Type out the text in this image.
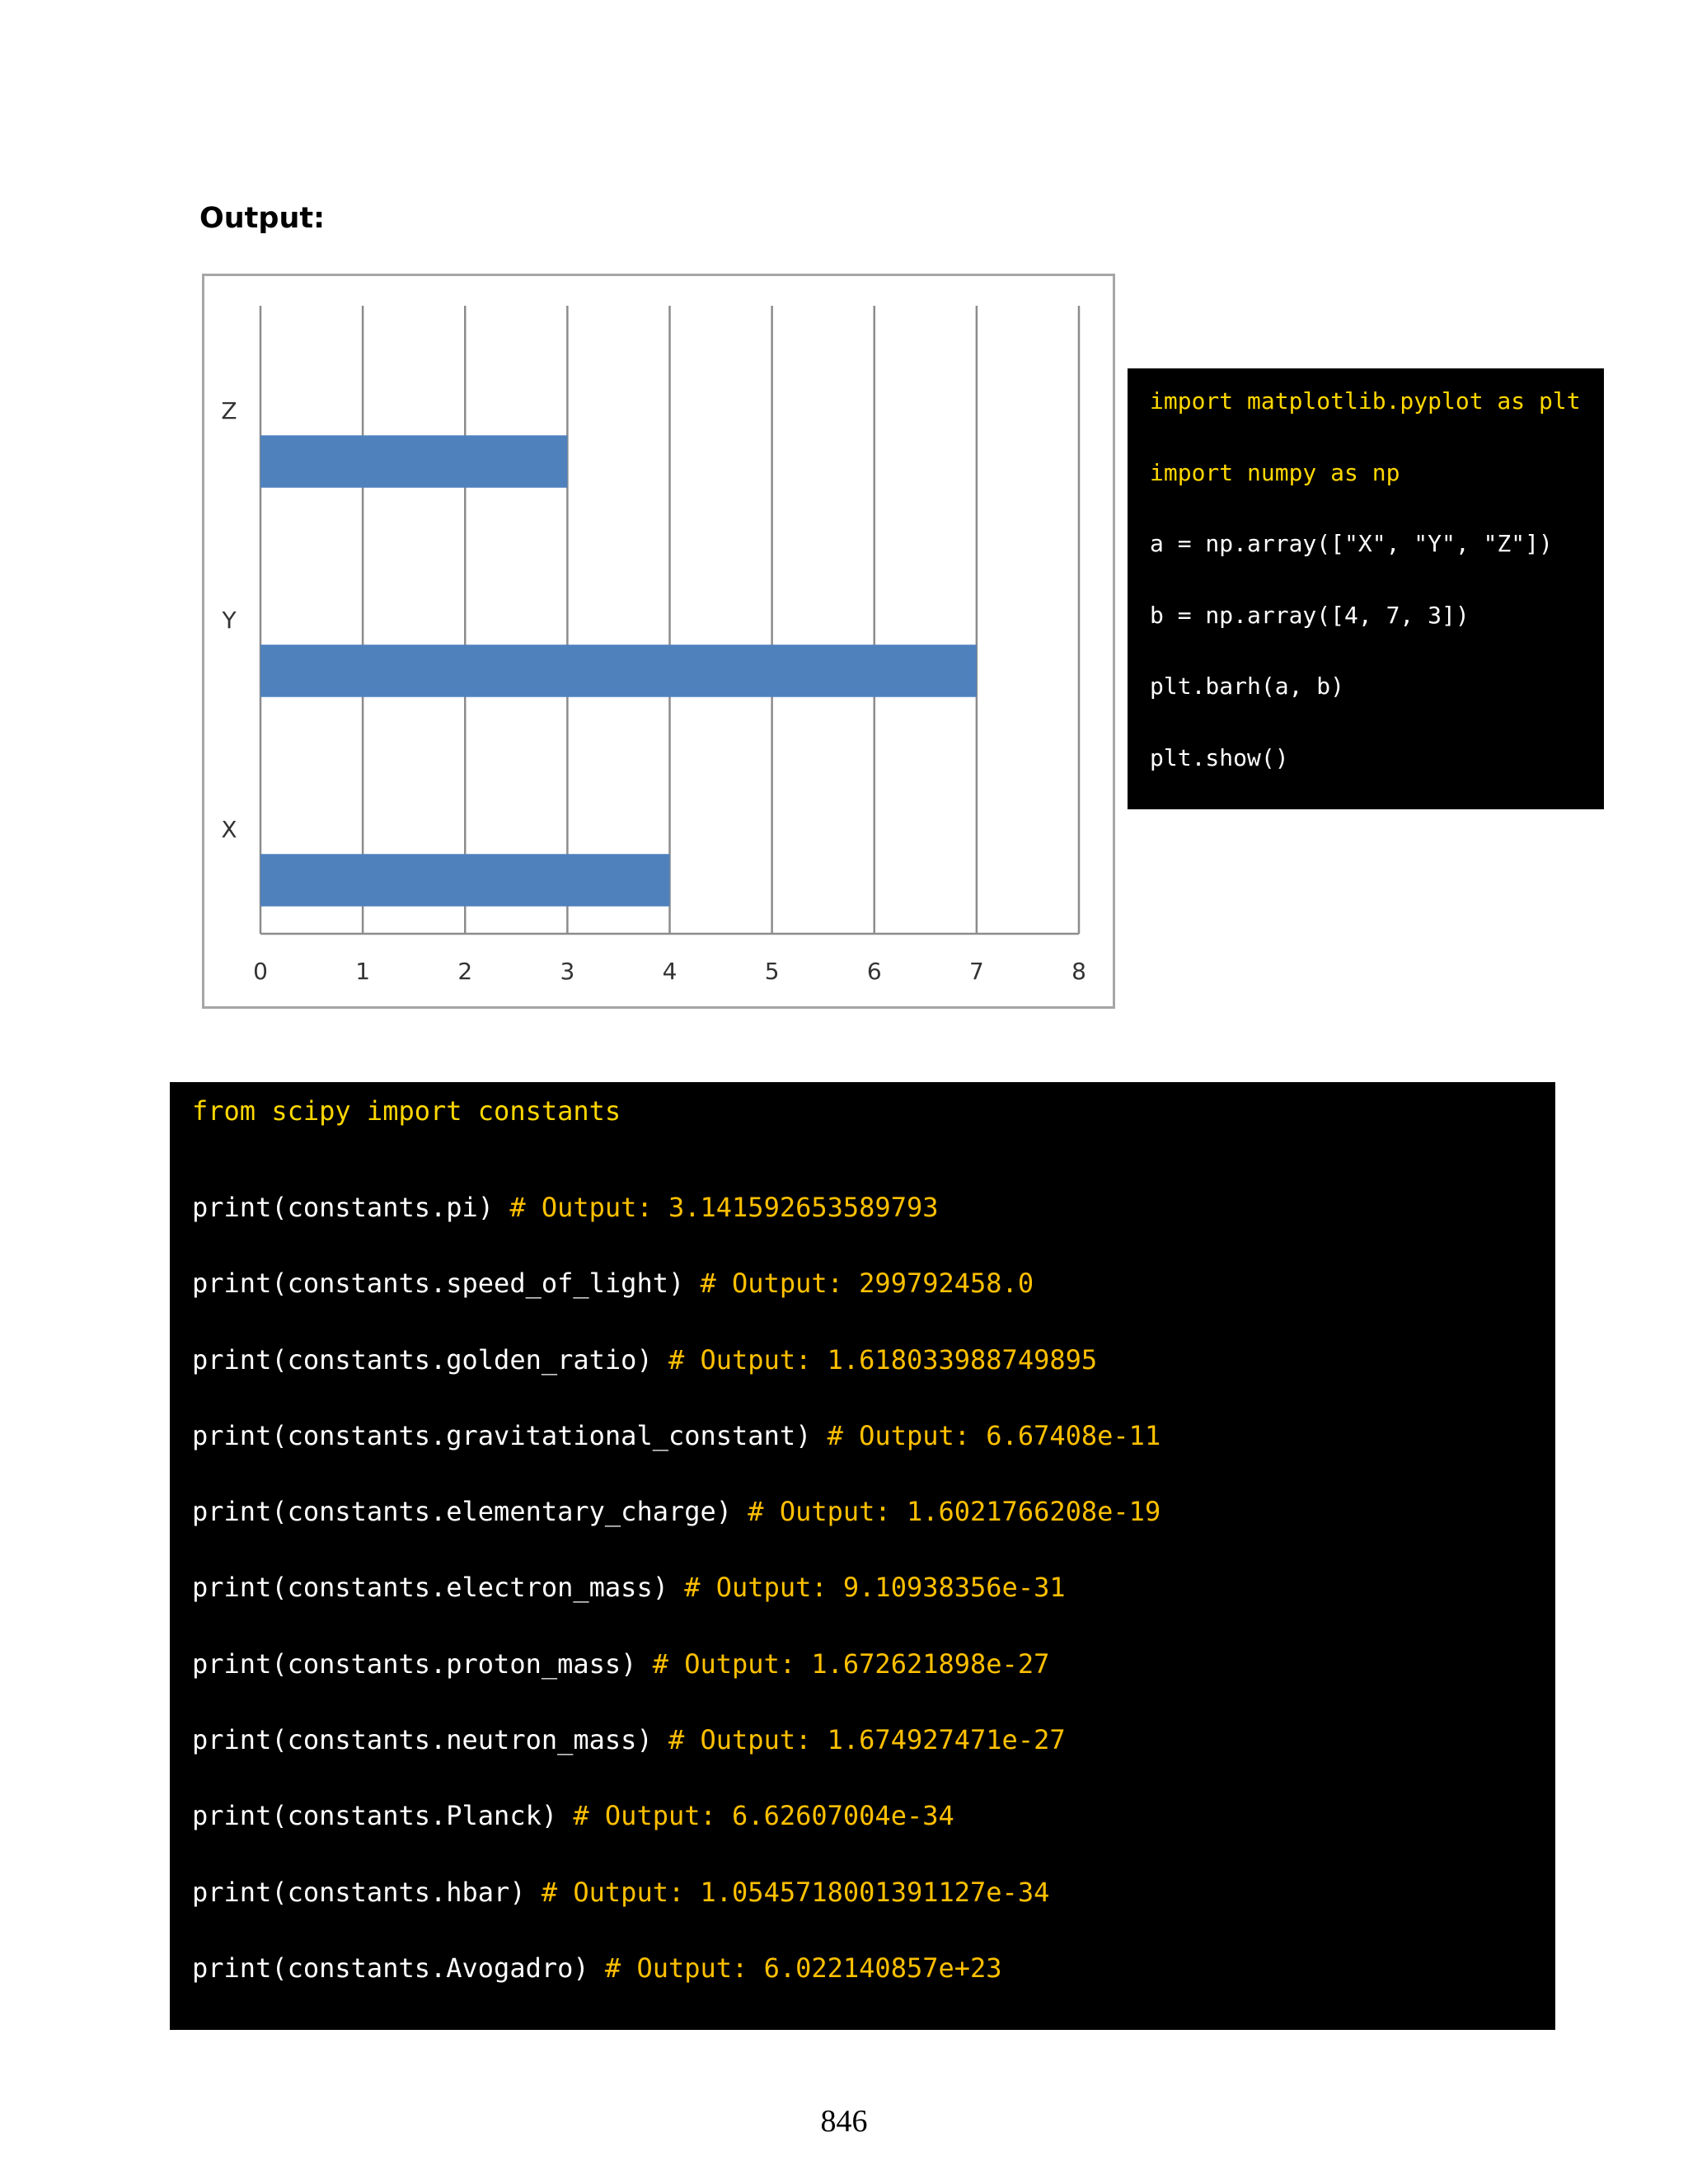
Output:
0	1	2	3	4	5	6	7	8
X
Y
Z	import matplotlib.pyplot as plt
import numpy as np
a = np.array(["X", "Y", "Z"])
b = np.array([4, 7, 3])
plt.barh(a, b)
plt.show()
from scipy import constants
print(constants.pi) # Output: 3.141592653589793
print(constants.speed_of_light) # Output: 299792458.0
print(constants.golden_ratio) # Output: 1.618033988749895
print(constants.gravitational_constant) # Output: 6.67408e-11
print(constants.elementary_charge) # Output: 1.6021766208e-19
print(constants.electron_mass) # Output: 9.10938356e-31
print(constants.proton_mass) # Output: 1.672621898e-27
print(constants.neutron_mass) # Output: 1.674927471e-27
print(constants.Planck) # Output: 6.62607004e-34
print(constants.hbar) # Output: 1.0545718001391127e-34
print(constants.Avogadro) # Output: 6.022140857e+23
846
